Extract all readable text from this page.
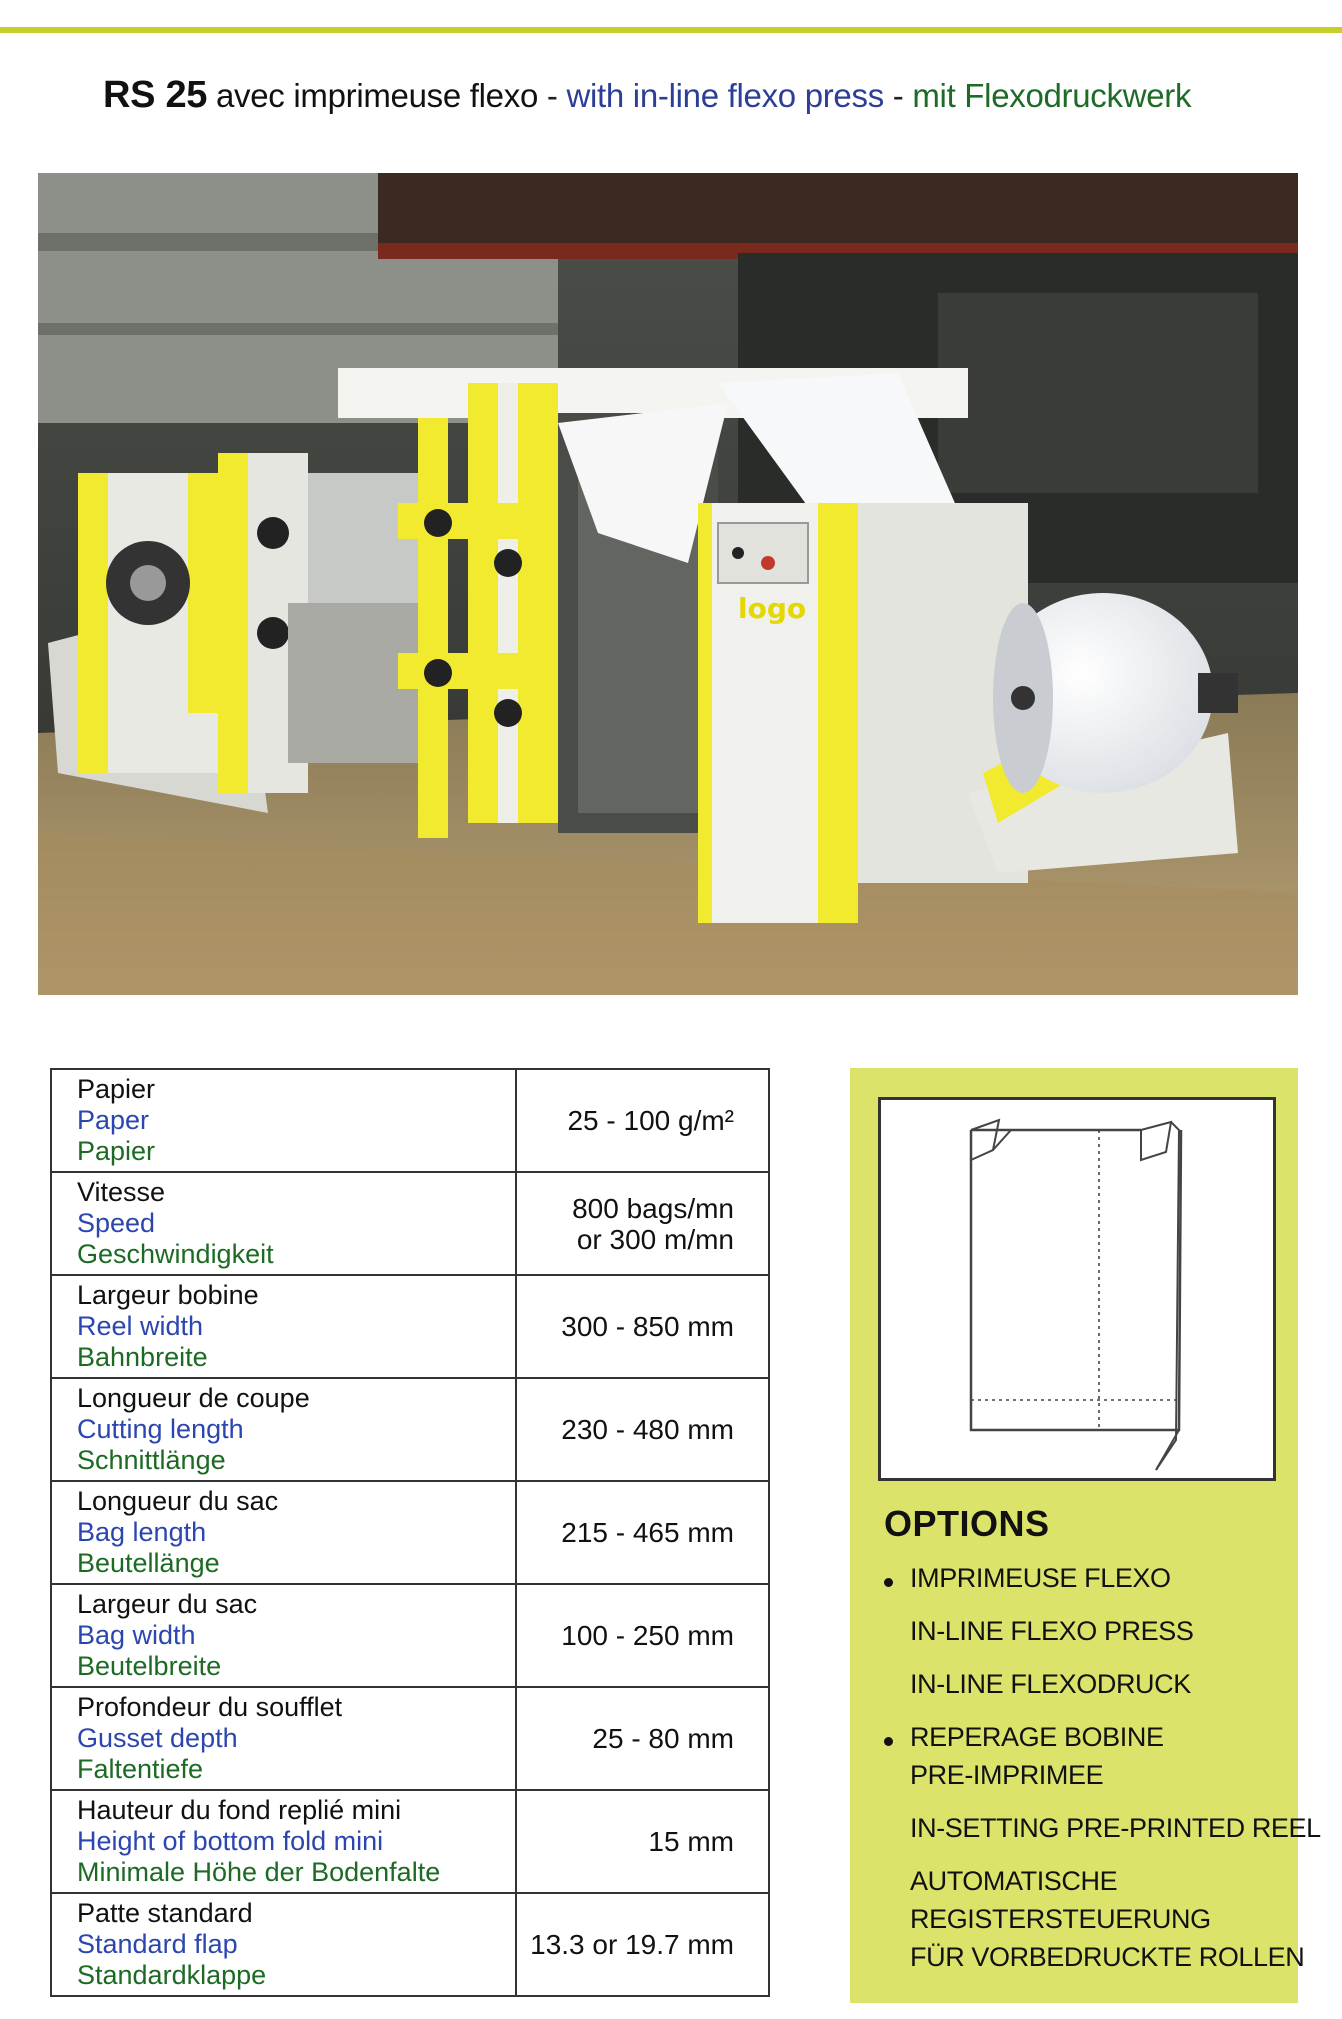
RS 25 avec imprimeuse flexo - with in-line flexo press - mit Flexodruckwerk
logo
Papier
Paper
Papier	25 - 100 g/m²

Vitesse
Speed
Geschwindigkeit	800 bags/mn
or 300 m/mn

Largeur bobine
Reel width
Bahnbreite	300 - 850 mm

Longueur de coupe
Cutting length
Schnittlänge	230 - 480 mm

Longueur du sac
Bag length
Beutellänge	215 - 465 mm

Largeur du sac
Bag width
Beutelbreite	100 - 250 mm

Profondeur du soufflet
Gusset depth
Faltentiefe	25 - 80 mm

Hauteur du fond replié mini
Height of bottom fold mini
Minimale Höhe der Bodenfalte	15 mm

Patte standard
Standard flap
Standardklappe	13.3 or 19.7 mm
OPTIONS
IMPRIMEUSE FLEXO
IN-LINE FLEXO PRESS
IN-LINE FLEXODRUCK
REPERAGE BOBINE
PRE-IMPRIMEE
IN-SETTING PRE-PRINTED REEL
AUTOMATISCHE
REGISTERSTEUERUNG
FÜR VORBEDRUCKTE ROLLEN
